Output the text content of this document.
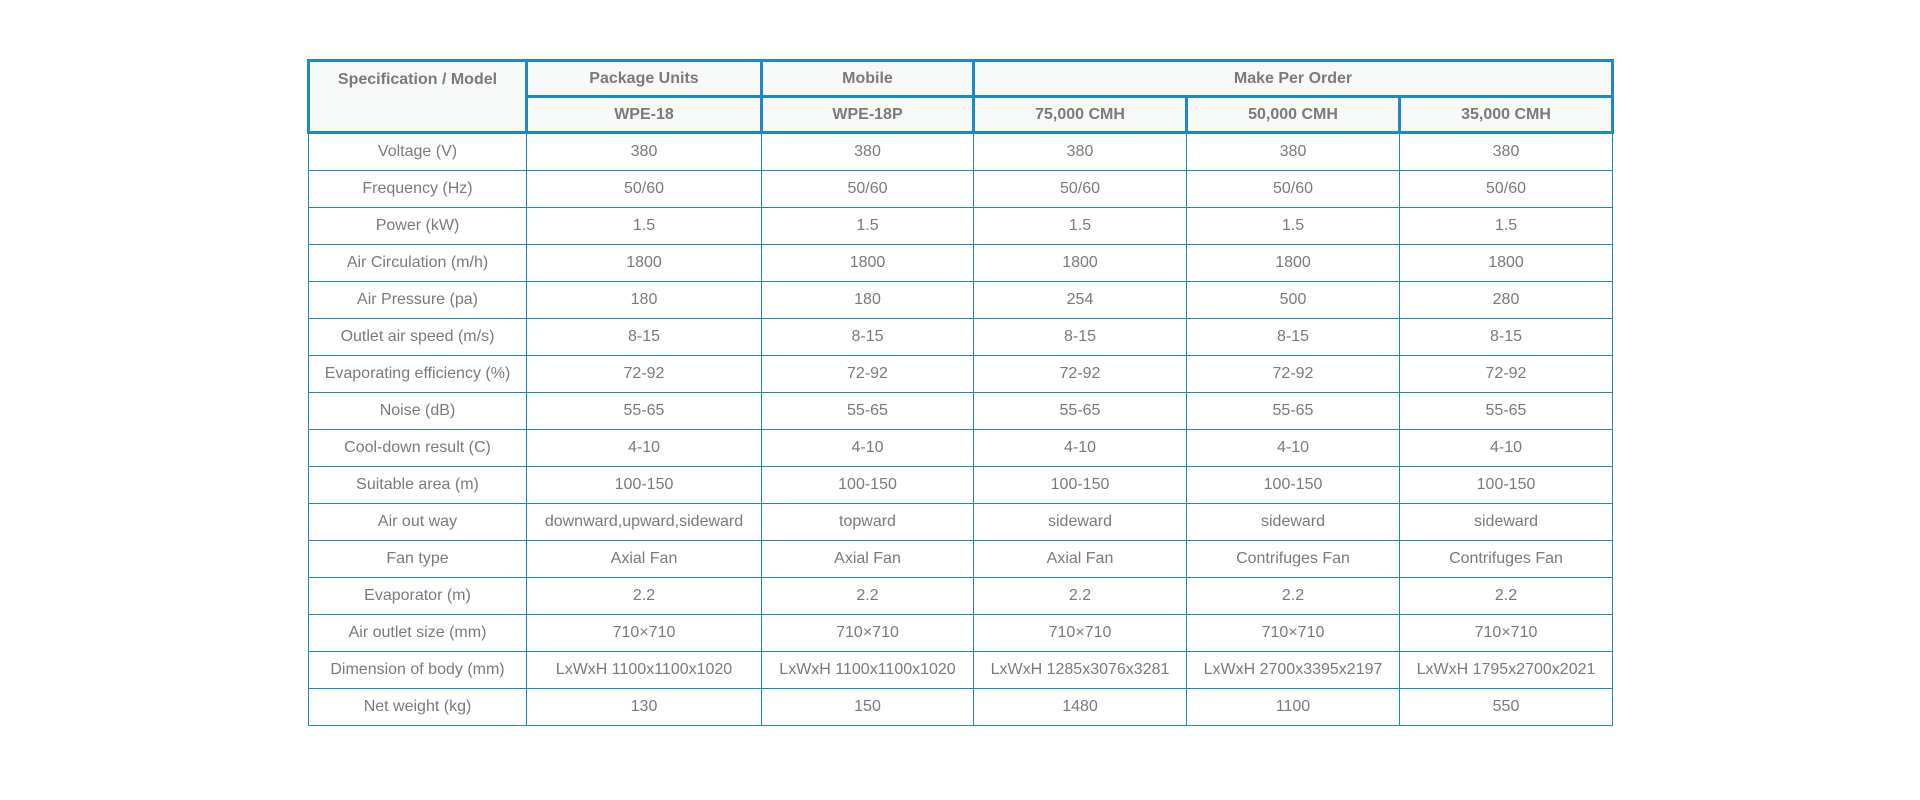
Specification / Model	Package Units	Mobile	Make Per Order		
	WPE-18	WPE-18P	75,000 CMH	50,000 CMH	35,000 CMH
Voltage (V)	380	380	380	380	380
Frequency (Hz)	50/60	50/60	50/60	50/60	50/60
Power (kW)	1.5	1.5	1.5	1.5	1.5
Air Circulation (m/h)	1800	1800	1800	1800	1800
Air Pressure (pa)	180	180	254	500	280
Outlet air speed (m/s)	8-15	8-15	8-15	8-15	8-15
Evaporating efficiency (%)	72-92	72-92	72-92	72-92	72-92
Noise (dB)	55-65	55-65	55-65	55-65	55-65
Cool-down result (C)	4-10	4-10	4-10	4-10	4-10
Suitable area (m)	100-150	100-150	100-150	100-150	100-150
Air out way	downward,upward,sideward	topward	sideward	sideward	sideward
Fan type	Axial Fan	Axial Fan	Axial Fan	Contrifuges Fan	Contrifuges Fan
Evaporator (m)	2.2	2.2	2.2	2.2	2.2
Air outlet size (mm)	710×710	710×710	710×710	710×710	710×710
Dimension of body (mm)	LxWxH 1100x1100x1020	LxWxH 1100x1100x1020	LxWxH 1285x3076x3281	LxWxH 2700x3395x2197	LxWxH 1795x2700x2021
Net weight (kg)	130	150	1480	1100	550
